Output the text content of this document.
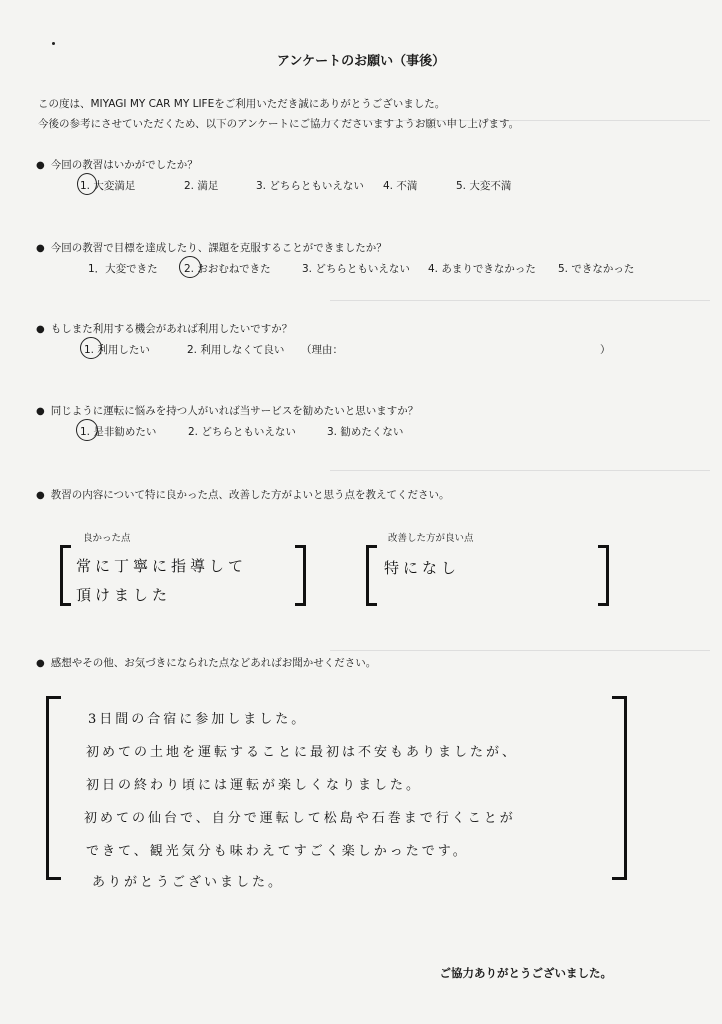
アンケートのお願い（事後）
この度は、MIYAGI MY CAR MY LIFEをご利用いただき誠にありがとうございました。
今後の参考にさせていただくため、以下のアンケートにご協力くださいますようお願い申し上げます。
● 今回の教習はいかがでしたか？
1. 大変満足	2. 満足	3. どちらともいえない 4. 不満	5. 大変不満
● 今回の教習で目標を達成したり、課題を克服することができましたか？
1．大変できた	2. おおむねできた	3. どちらともいえない 4. あまりできなかった 5. できなかった
● もしまた利用する機会があれば利用したいですか？
1. 利用したい	2. 利用しなくて良い （理由：	）
● 同じように運転に悩みを持つ人がいれば当サービスを勧めたいと思いますか？
1. 是非勧めたい	2. どちらともいえない	3. 勧めたくない
● 教習の内容について特に良かった点、改善した方がよいと思う点を教えてください。
良かった点	改善した方が良い点
常に丁寧に指導して
頂けました
特になし
● 感想やその他、お気づきになられた点などあればお聞かせください。
3日間の合宿に参加しました。
初めての土地を運転することに最初は不安もありましたが、
初日の終わり頃には運転が楽しくなりました。
初めての仙台で、自分で運転して松島や石巻まで行くことが
できて、観光気分も味わえてすごく楽しかったです。
ありがとうございました。
ご協力ありがとうございました。
